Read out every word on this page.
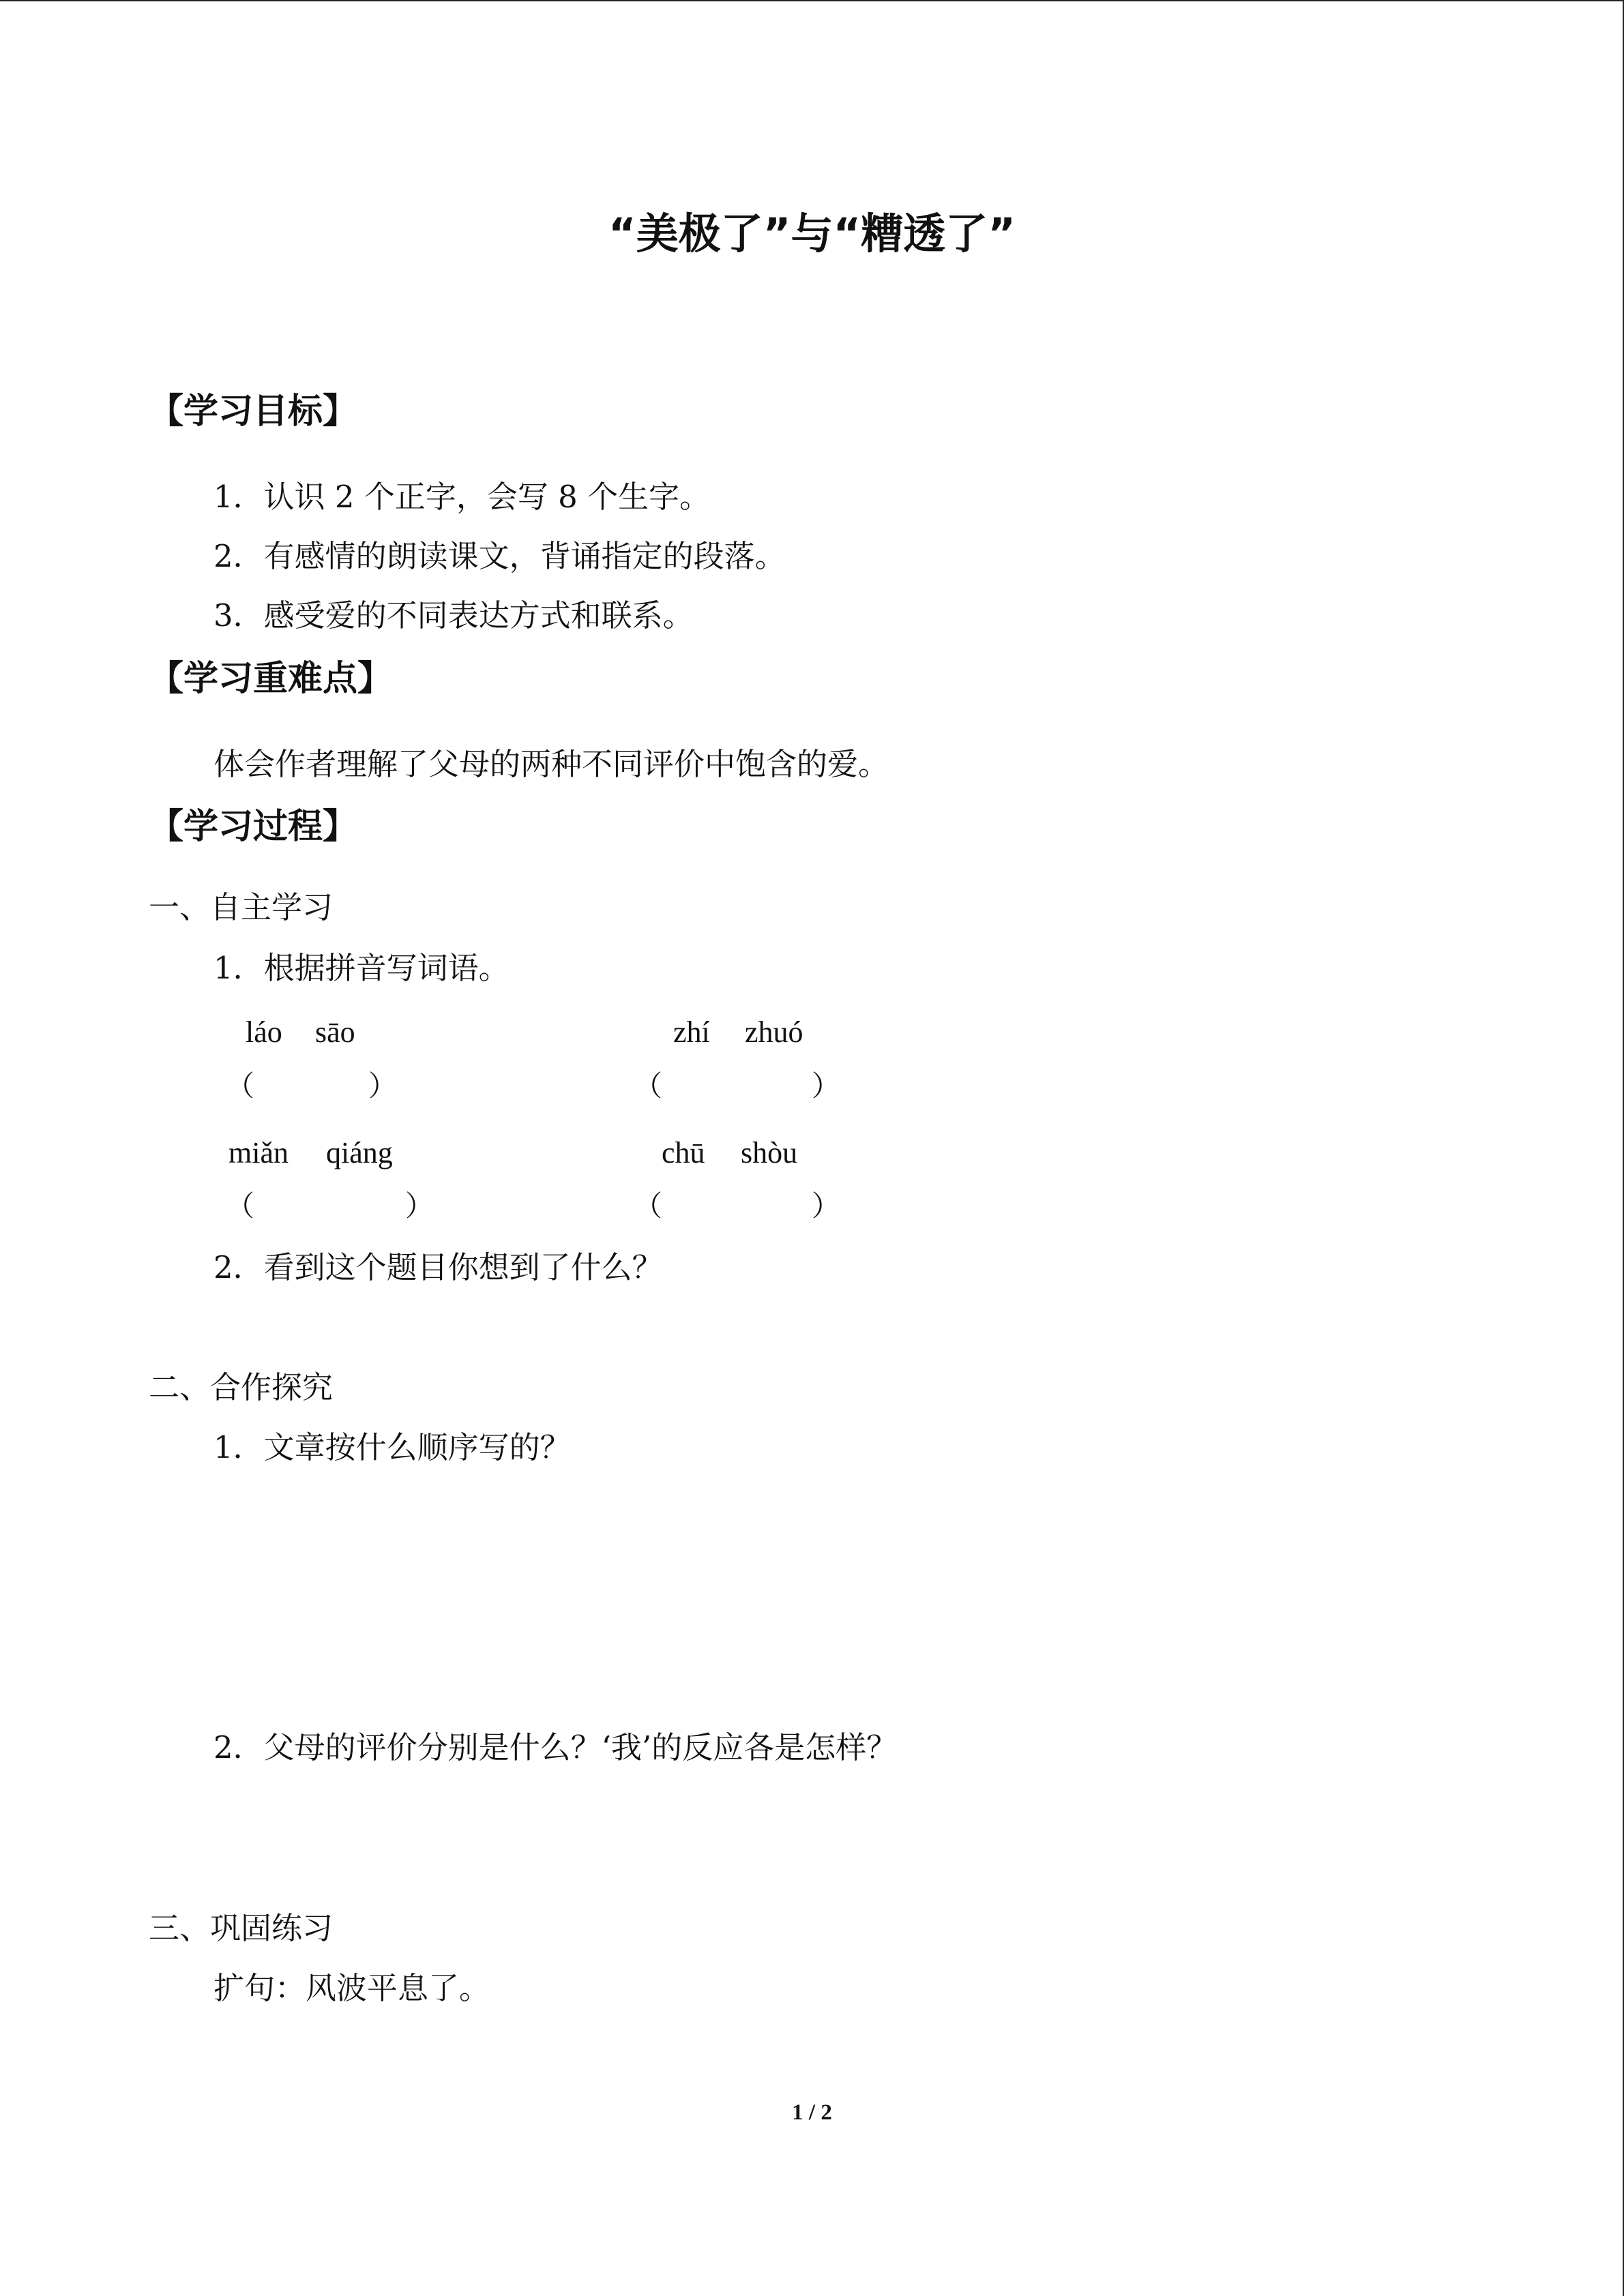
“美极了”与“糟透了”
【学习目标】
1．认识 2 个正字，会写 8 个生字。
2．有感情的朗读课文，背诵指定的段落。
3．感受爱的不同表达方式和联系。
【学习重难点】
体会作者理解了父母的两种不同评价中饱含的爱。
【学习过程】
一、自主学习
1．根据拼音写词语。
láo sāo	zhí zhuó
（	）	（	）
miǎn qiáng	chū shòu
（	）	（	）
2．看到这个题目你想到了什么？
二、合作探究
1．文章按什么顺序写的？
2．父母的评价分别是什么？‘我’的反应各是怎样？
三、巩固练习
扩句：风波平息了。
1 / 2
